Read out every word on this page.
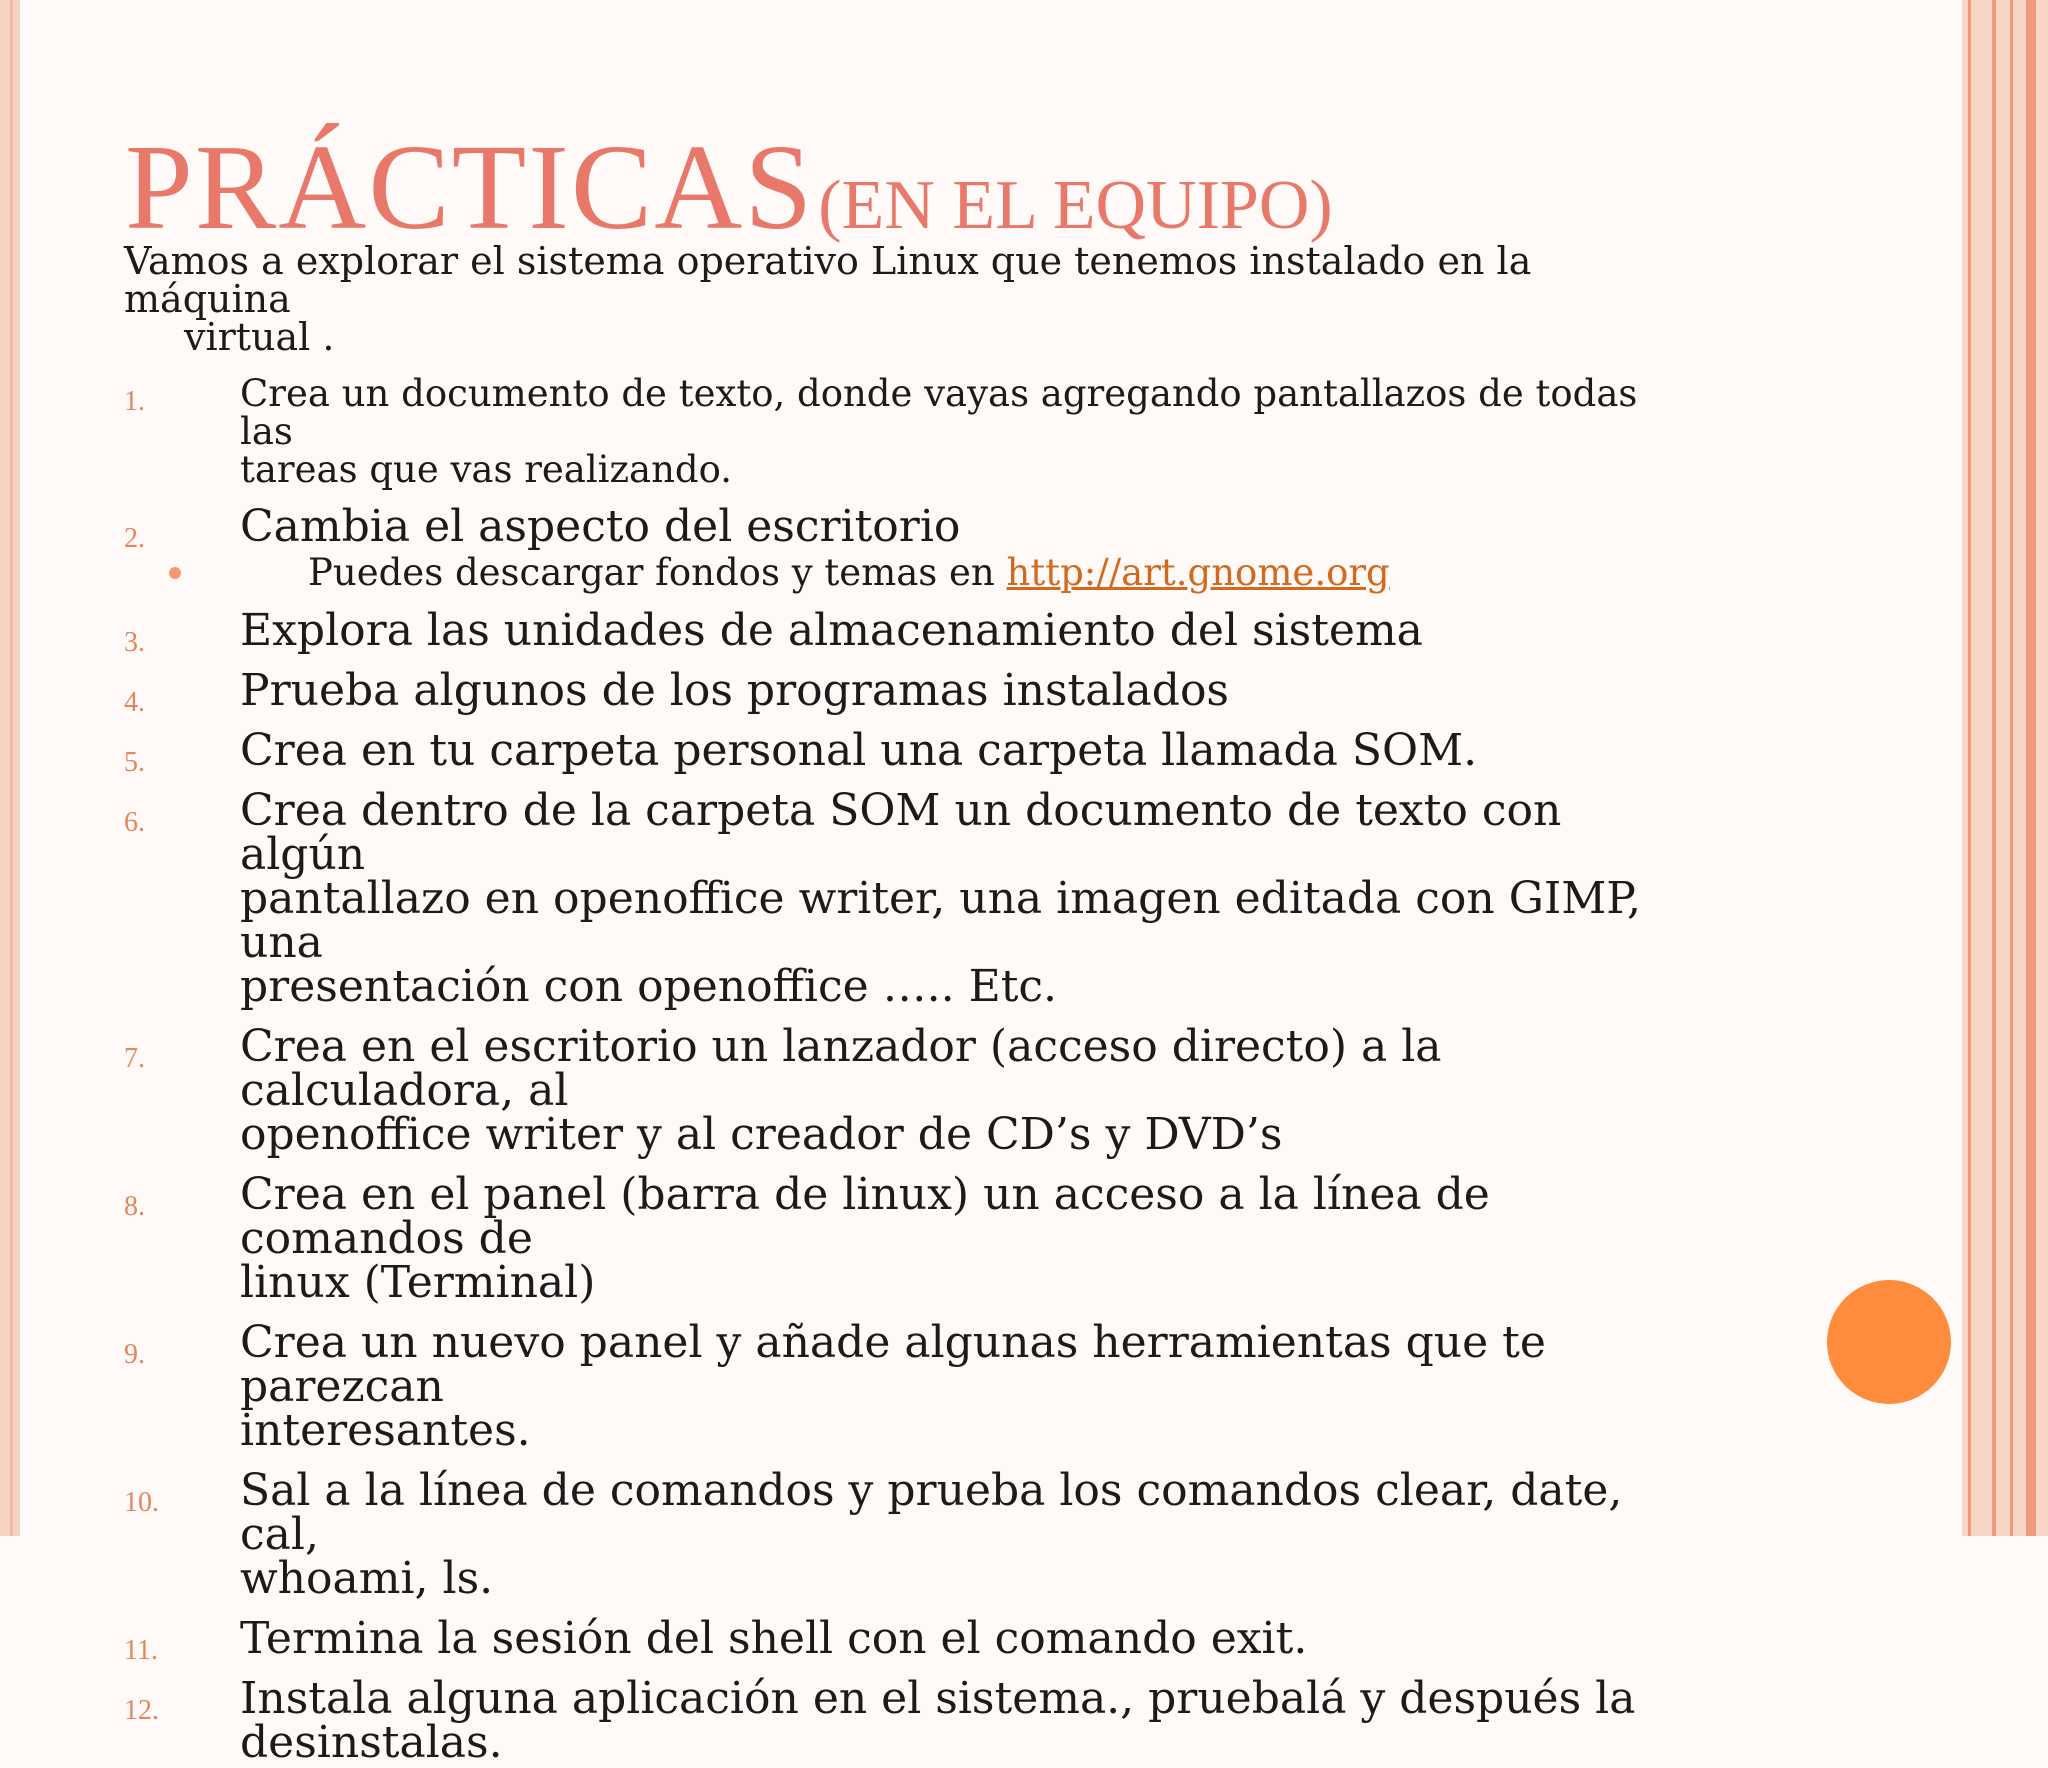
PRÁCTICAS (EN EL EQUIPO)

Vamos a explorar el sistema operativo Linux que tenemos instalado en la máquina
virtual .

1.	Crea un documento de texto, donde vayas agregando pantallazos de todas las
tareas que vas realizando.
2. Cambia el aspecto del escritorio
Puedes descargar fondos y temas en http://art.gnome.org
3. Explora las unidades de almacenamiento del sistema
4. Prueba algunos de los programas instalados
5. Crea en tu carpeta personal una carpeta llamada SOM.
6. Crea dentro de la carpeta SOM un documento de texto con algún
pantallazo en openoffice writer, una imagen editada con GIMP, una
presentación con openoffice ….. Etc.
7. Crea en el escritorio un lanzador (acceso directo) a la calculadora, al
openoffice writer y al creador de CD’s y DVD’s
8. Crea en el panel (barra de linux) un acceso a la línea de comandos de
linux (Terminal)
9. Crea un nuevo panel y añade algunas herramientas que te parezcan
interesantes.
10. Sal a la línea de comandos y prueba los comandos clear, date, cal,
whoami, ls.
11. Termina la sesión del shell con el comando exit.
12. Instala alguna aplicación en el sistema., pruebalá y después la
desinstalas.
